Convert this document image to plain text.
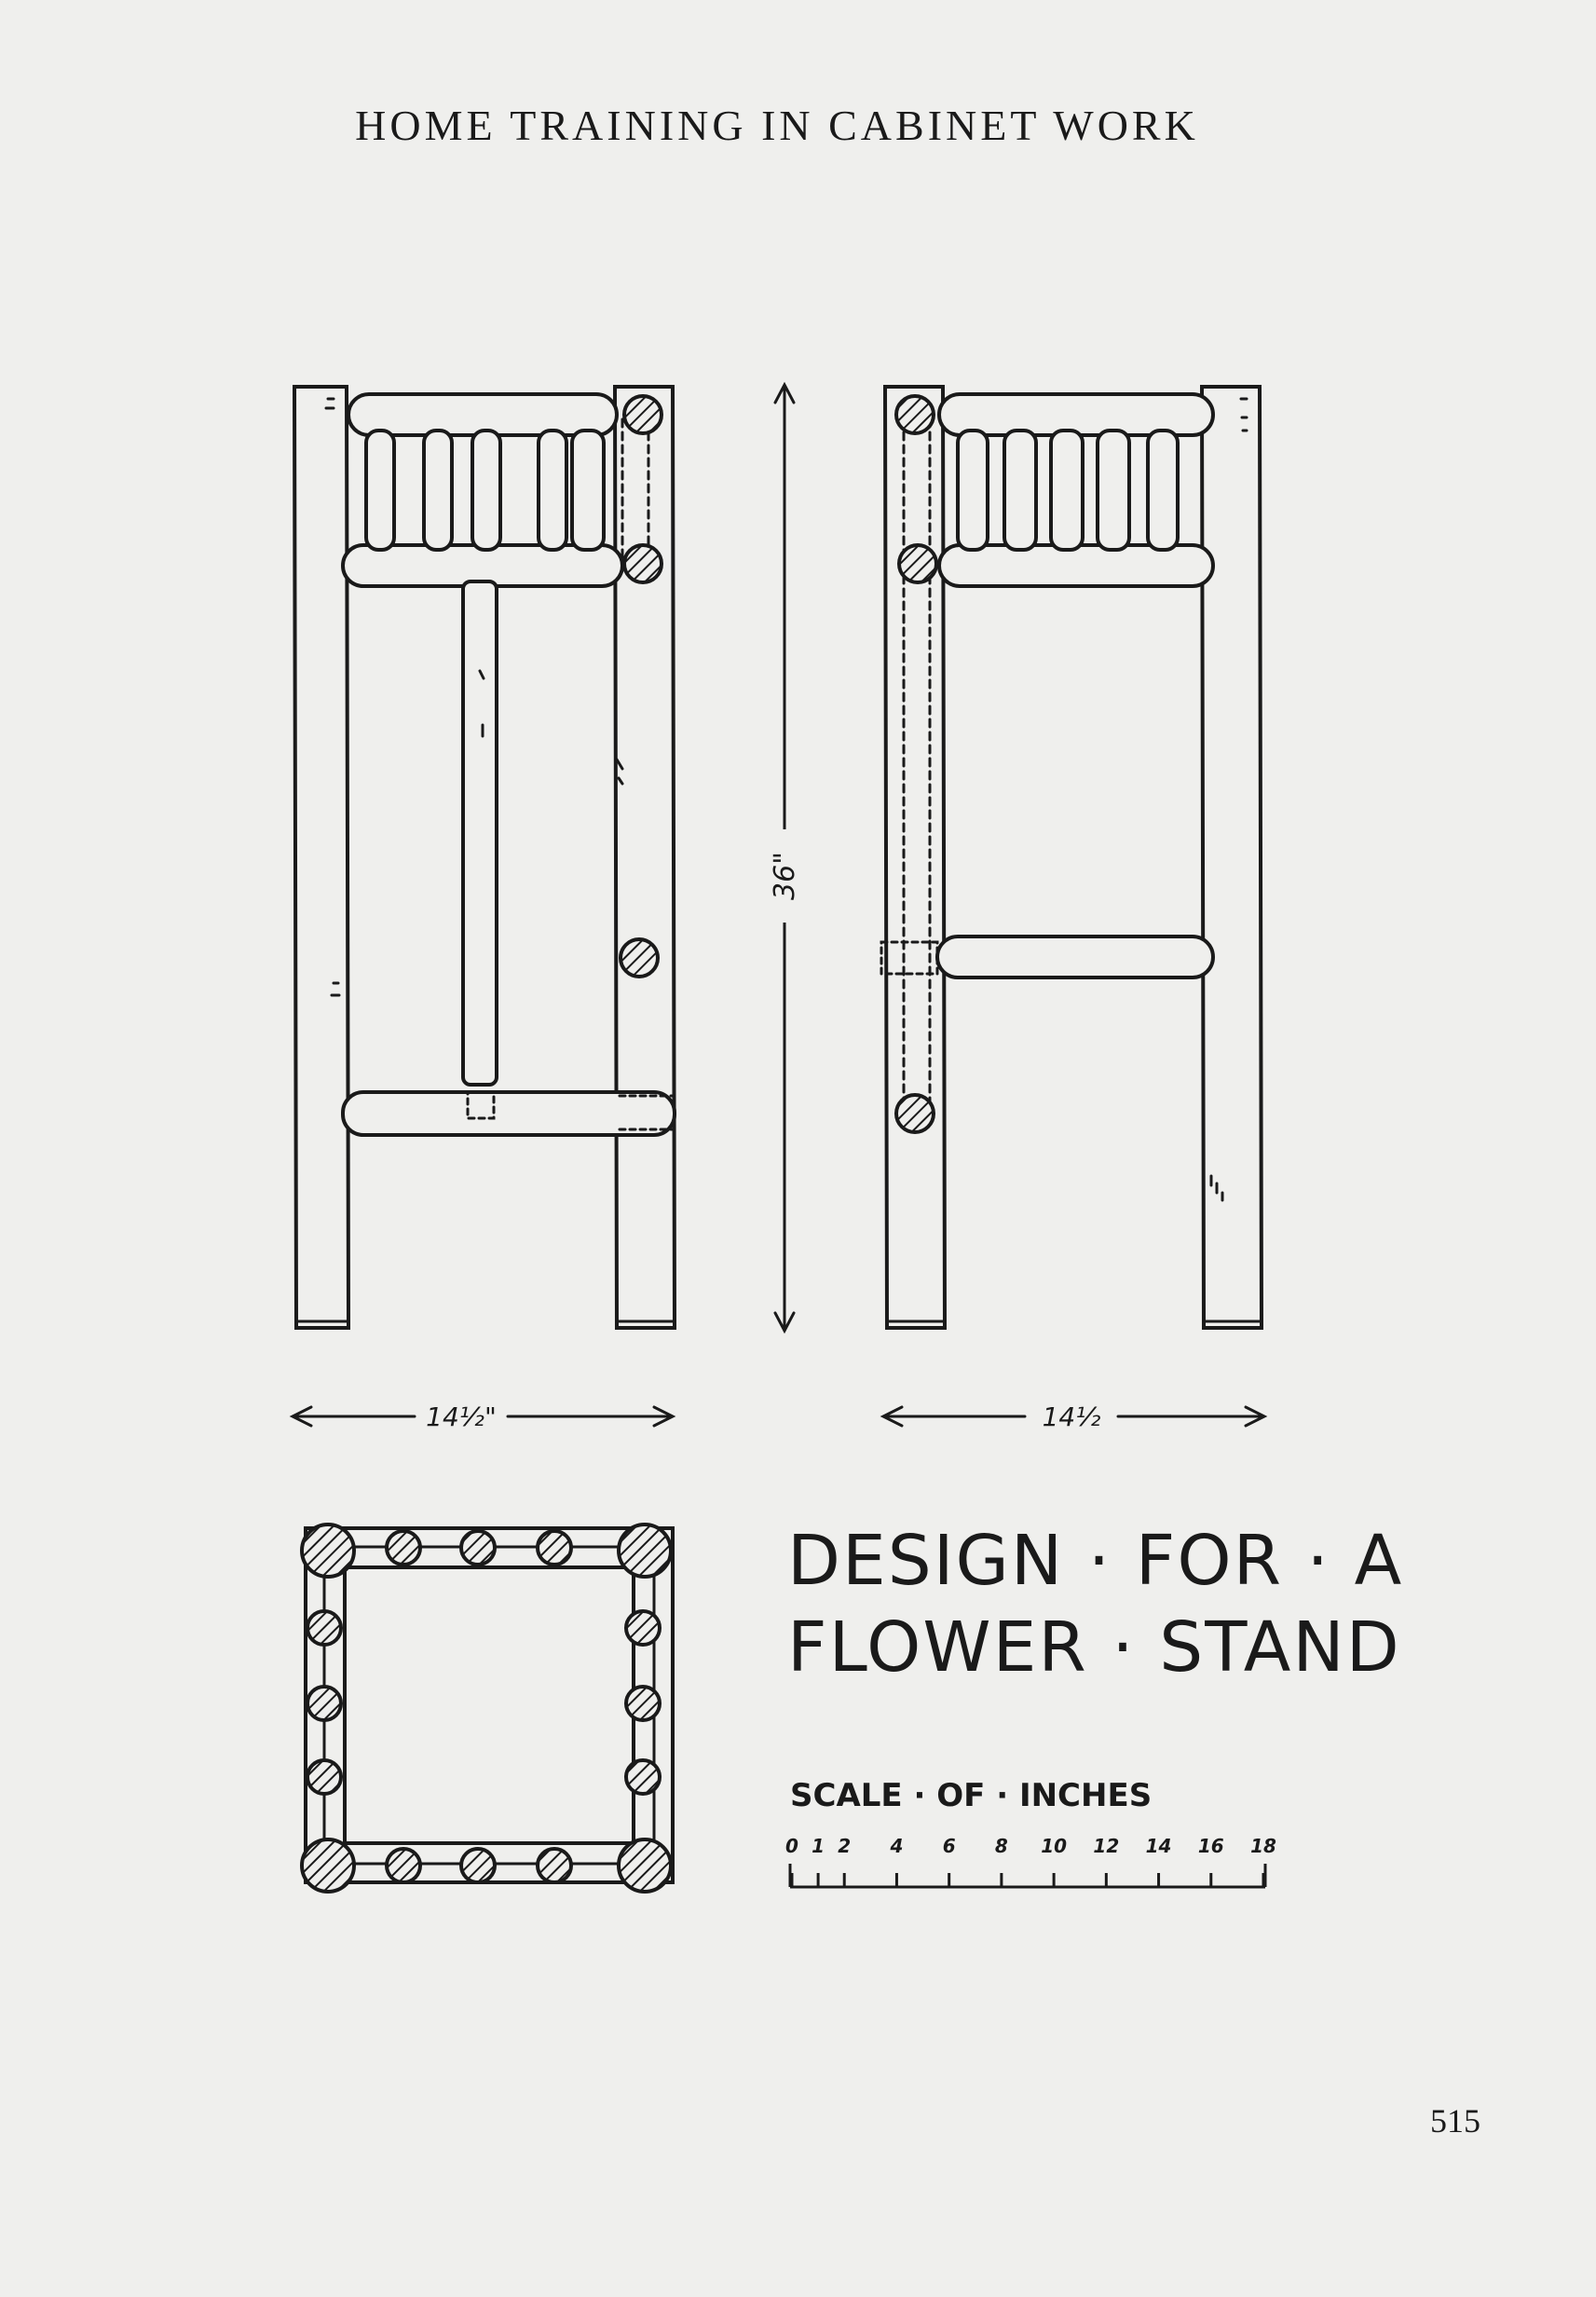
HOME TRAINING IN CABINET WORK
36"
14½"	14½
DESIGN · FOR · A
FLOWER · STAND
SCALE · OF · INCHES
0 1 2 4 6 8 10 12 14 16 18
515
